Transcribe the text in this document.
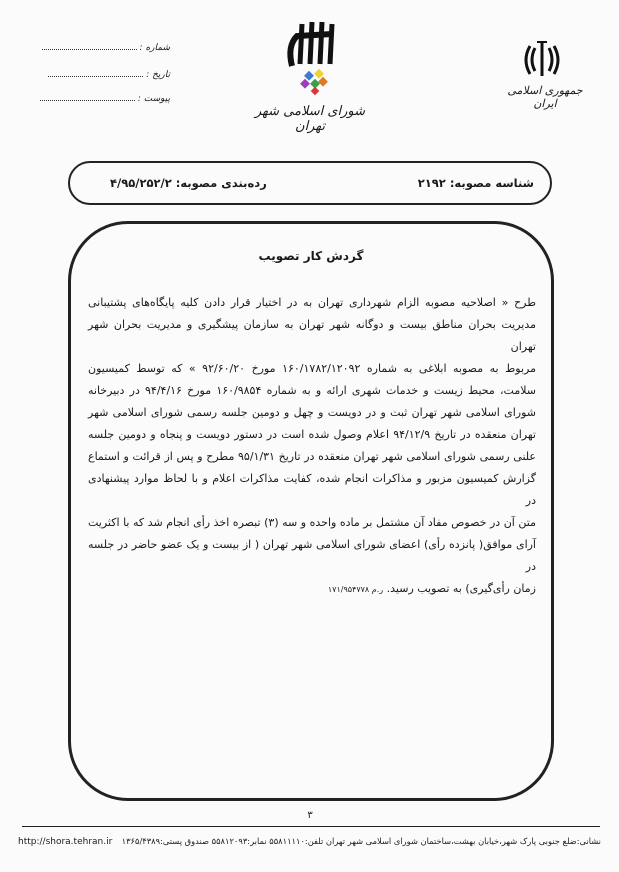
جمهوری اسلامی ایران
شورای اسلامی شهر تهران
شماره :
تاریخ :
پیوست :
شناسه مصوبه: ۲۱۹۲
رده‌بندی مصوبه: ۴/۹۵/۲۵۲/۲
گردش کار تصویب
طرح « اصلاحیه مصوبه الزام شهرداری تهران به در اختیار قرار دادن کلیه پایگاه‌های پشتیبانی
مدیریت بحران مناطق بیست و دوگانه شهر تهران به سازمان پیشگیری و مدیریت بحران شهر تهران
مربوط به مصوبه ابلاغی به شماره ۱۶۰/۱۷۸۲/۱۲۰۹۲ مورخ ۹۲/۶۰/۲۰ » که توسط کمیسیون
سلامت، محیط زیست و خدمات شهری ارائه و به شماره ۱۶۰/۹۸۵۴ مورخ ۹۴/۴/۱۶ در دبیرخانه
شورای اسلامی شهر تهران ثبت و در دویست و چهل و دومین جلسه رسمی شورای اسلامی شهر
تهران منعقده در تاریخ ۹۴/۱۲/۹ اعلام وصول شده است در دستور دویست و پنجاه و دومین جلسه
علنی رسمی شورای اسلامی شهر تهران منعقده در تاریخ ۹۵/۱/۳۱ مطرح و پس از قرائت و استماع
گزارش کمیسیون مزبور و مذاکرات انجام شده، کفایت مذاکرات اعلام و با لحاظ موارد پیشنهادی در
متن آن در خصوص مفاد آن مشتمل بر ماده واحده و سه (۳) تبصره اخذ رأی انجام شد که با اکثریت
آرای موافق( پانزده رأی) اعضای شورای اسلامی شهر تهران ( از بیست و یک عضو حاضر در جلسه در
زمان رأی‌گیری) به تصویب رسید. ر.م ۱۷۱/۹۵۴۷۷۸
۳
نشانی:ضلع جنوبی پارک شهر،خیابان بهشت،ساختمان شورای اسلامی شهر تهران تلفن:۵۵۸۱۱۱۱۰ نمابر:۵۵۸۱۲۰۹۳ صندوق پستی:۱۳۶۵/۴۳۸۹
http://shora.tehran.ir
